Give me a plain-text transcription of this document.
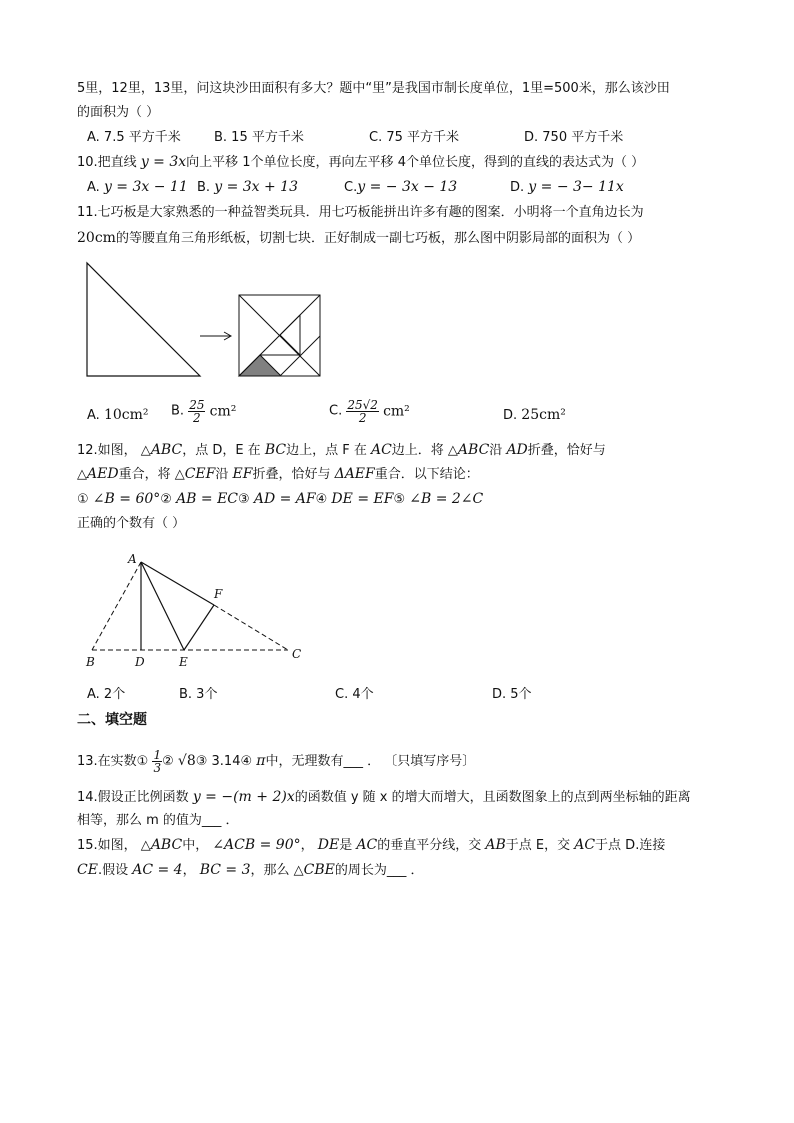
5里，12里，13里，问这块沙田面积有多大？题中“里”是我国市制长度单位，1里=500米，那么该沙田
的面积为（ ）
A. 7.5 平方千米	B. 15 平方千米	C. 75 平方千米	D. 750 平方千米
10.把直线 y = 3x向上平移 1个单位长度，再向左平移 4个单位长度，得到的直线的表达式为（ ）
A. y = 3x − 11 B. y = 3x + 13	C.y = − 3x − 13	D. y = − 3− 11x
11.七巧板是大家熟悉的一种益智类玩具．用七巧板能拼出许多有趣的图案．小明将一个直角边长为
20cm的等腰直角三角形纸板，切割七块．正好制成一副七巧板，那么图中阴影局部的面积为（ ）
A. 10cm² B. $\frac{25}{2} cm^2$	C. $\frac{25√2}{2} cm^2$	D. 25cm²
12.如图， △ABC，点 D，E 在 BC边上，点 F 在 AC边上．将 △ABC沿 AD折叠，恰好与
△AED重合，将 △CEF沿 EF折叠，恰好与 ΔAEF重合．以下结论：
① ∠B = 60°② AB = EC③ AD = AF④ DE = EF⑤ ∠B = 2∠C
正确的个数有（ ）
A
F
B	D	E
C
A. 2个	B. 3个	C. 4个	D. 5个
二、填空题
13.在实数① $\frac{1}{3}$ ② √8③ 3.14④ π中，无理数有___ ． 〔只填写序号〕
14.假设正比例函数 y = −(m + 2)x的函数值 y 随 x 的增大而增大，且函数图象上的点到两坐标轴的距离
相等，那么 m 的值为___ ．
15.如图， △ABC中， ∠ACB = 90°， DE是 AC的垂直平分线，交 AB于点 E，交 AC于点 D.连接
CE.假设 AC = 4， BC = 3，那么 △CBE的周长为___ ．
